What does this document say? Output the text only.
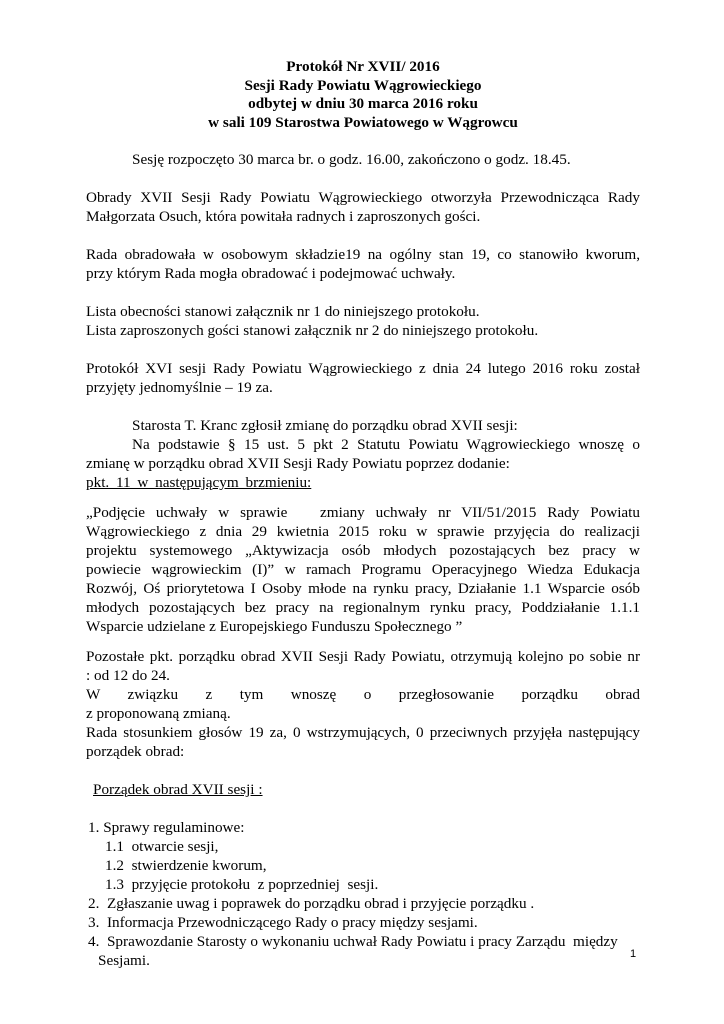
Protokół Nr XVII/ 2016
Sesji Rady Powiatu Wągrowieckiego
odbytej w dniu 30 marca 2016 roku
w sali 109 Starostwa Powiatowego w Wągrowcu

Sesję rozpoczęto 30 marca br. o godz. 16.00, zakończono o godz. 18.45.

Obrady XVII Sesji Rady Powiatu Wągrowieckiego otworzyła Przewodnicząca Rady

Małgorzata Osuch, która powitała radnych i zaproszonych gości.

Rada obradowała w osobowym składzie19 na ogólny stan 19, co stanowiło kworum,

przy którym Rada mogła obradować i podejmować uchwały.

Lista obecności stanowi załącznik nr 1 do niniejszego protokołu.

Lista zaproszonych gości stanowi załącznik nr 2 do niniejszego protokołu.

Protokół XVI sesji Rady Powiatu Wągrowieckiego z dnia 24 lutego 2016 roku został

przyjęty jednomyślnie – 19 za.

Starosta T. Kranc zgłosił zmianę do porządku obrad XVII sesji:

Na podstawie § 15 ust. 5 pkt 2 Statutu Powiatu Wągrowieckiego wnoszę o

zmianę w porządku obrad XVII Sesji Rady Powiatu poprzez dodanie:

pkt. 11 w następującym brzmieniu:

„Podjęcie uchwały w sprawie   zmiany uchwały nr VII/51/2015 Rady Powiatu

Wągrowieckiego z dnia 29 kwietnia 2015 roku w sprawie przyjęcia do realizacji

projektu systemowego „Aktywizacja osób młodych pozostających bez pracy w

powiecie wągrowieckim (I)” w ramach Programu Operacyjnego Wiedza Edukacja

Rozwój, Oś priorytetowa I Osoby młode na rynku pracy, Działanie 1.1 Wsparcie osób

młodych pozostających bez pracy na regionalnym rynku pracy, Poddziałanie 1.1.1

Wsparcie udzielane z Europejskiego Funduszu Społecznego ”

Pozostałe pkt. porządku obrad XVII Sesji Rady Powiatu, otrzymują kolejno po sobie nr

: od 12 do 24.

W związku z tym wnoszę o przegłosowanie porządku obrad

z proponowaną zmianą.

Rada stosunkiem głosów 19 za, 0 wstrzymujących, 0 przeciwnych przyjęła następujący

porządek obrad:

Porządek obrad XVII sesji :

1. Sprawy regulaminowe:
1.1  otwarcie sesji,
1.2  stwierdzenie kworum,
1.3  przyjęcie protokołu  z poprzedniej  sesji.
2.  Zgłaszanie uwag i poprawek do porządku obrad i przyjęcie porządku .
3.  Informacja Przewodniczącego Rady o pracy między sesjami.
4.  Sprawozdanie Starosty o wykonaniu uchwał Rady Powiatu i pracy Zarządu  między
Sesjami.	1
